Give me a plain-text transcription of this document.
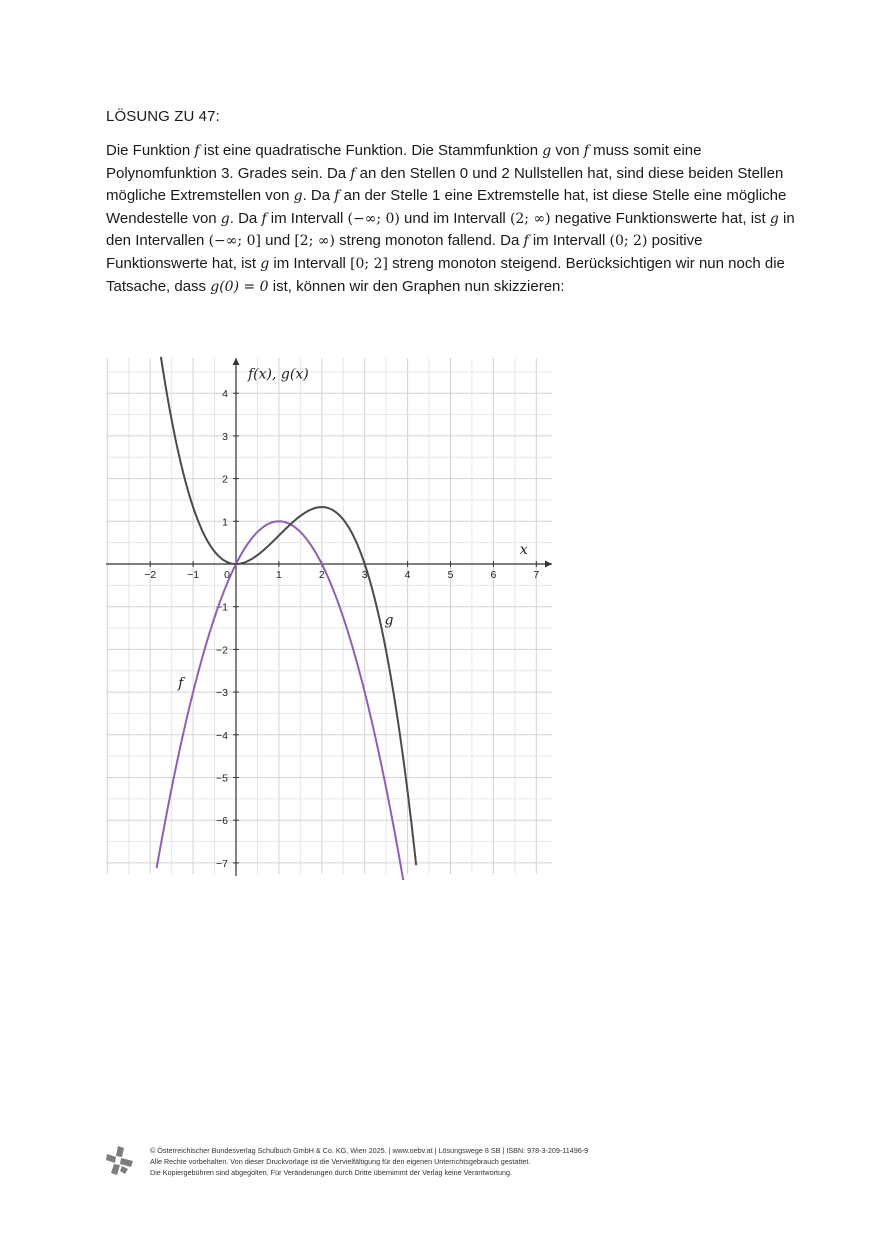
LÖSUNG ZU 47:
Die Funktion f ist eine quadratische Funktion. Die Stammfunktion g von f muss somit eine Polynomfunktion 3. Grades sein. Da f an den Stellen 0 und 2 Nullstellen hat, sind diese beiden Stellen mögliche Extremstellen von g. Da f an der Stelle 1 eine Extremstelle hat, ist diese Stelle eine mögliche Wendestelle von g. Da f im Intervall (−∞; 0) und im Intervall (2; ∞) negative Funktionswerte hat, ist g in den Intervallen (−∞; 0] und [2; ∞) streng monoton fallend. Da f im Intervall (0; 2) positive Funktionswerte hat, ist g im Intervall [0; 2] streng monoton steigend. Berücksichtigen wir nun noch die Tatsache, dass g(0) = 0 ist, können wir den Graphen nun skizzieren:
−2	−1 0	1	2	3	4	5	6	7
4
3
2
1
−1
−2
−3
−4
−5
−6
−7
x
f(x), g(x)
g
f
© Österreichischer Bundesverlag Schulbuch GmbH & Co. KG, Wien 2025. | www.oebv.at | Lösungswege 8 SB | ISBN: 978-3-209-11496-9
Alle Rechte vorbehalten. Von dieser Druckvorlage ist die Vervielfältigung für den eigenen Unterrichtsgebrauch gestattet.
Die Kopiergebühren sind abgegolten. Für Veränderungen durch Dritte übernimmt der Verlag keine Verantwortung.
